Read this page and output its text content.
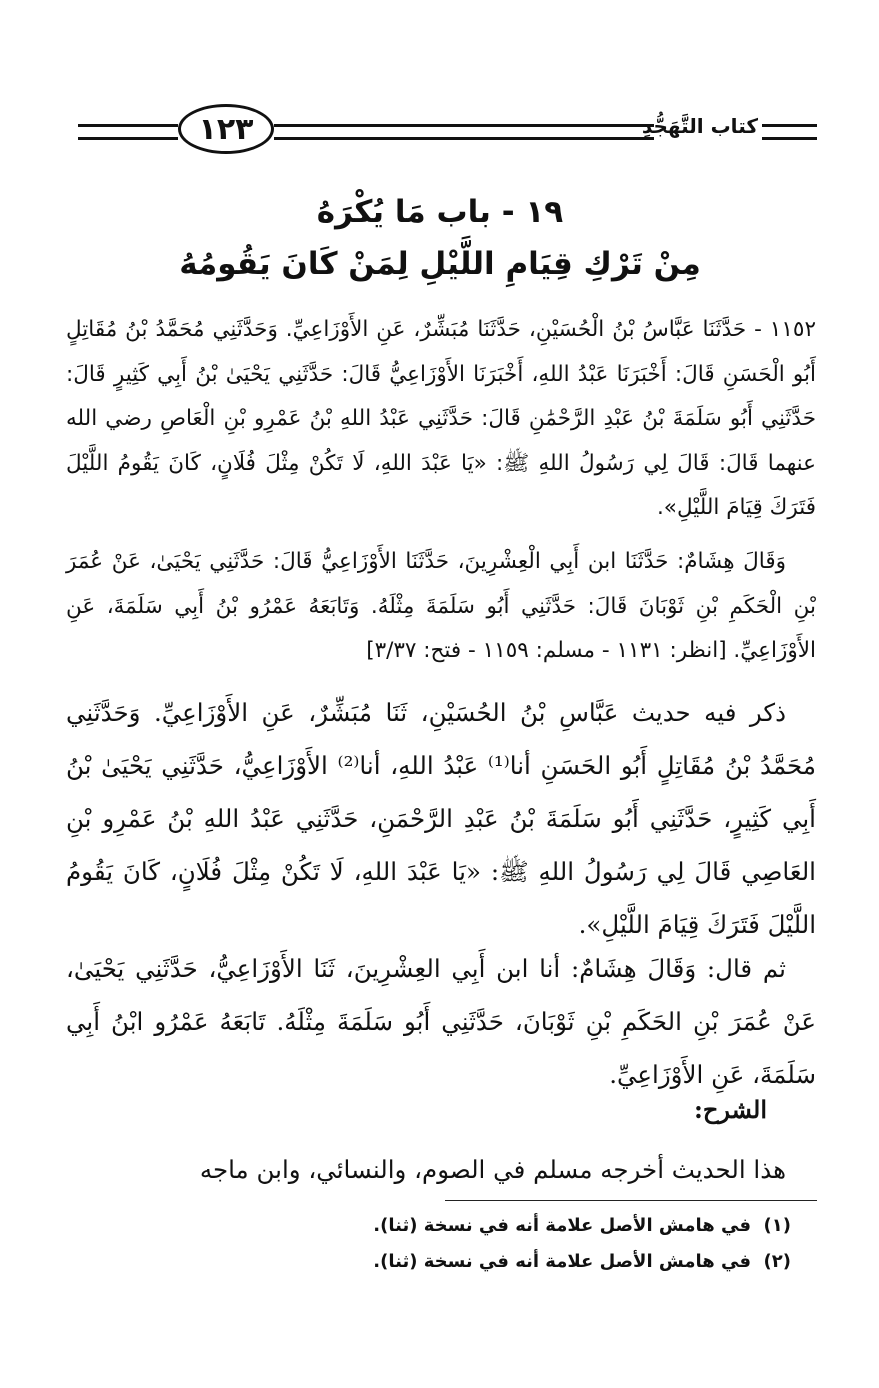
١٢٣	كتاب التَّهَجُّدِ
١٩ - باب مَا يُكْرَهُ
مِنْ تَرْكِ قِيَامِ اللَّيْلِ لِمَنْ كَانَ يَقُومُهُ
١١٥٢ - حَدَّثَنَا عَبَّاسُ بْنُ الْحُسَيْنِ، حَدَّثَنَا مُبَشِّرٌ، عَنِ الأَوْزَاعِيِّ. وَحَدَّثَنِي مُحَمَّدُ بْنُ مُقَاتِلٍ أَبُو الْحَسَنِ قَالَ: أَخْبَرَنَا عَبْدُ اللهِ، أَخْبَرَنَا الأَوْزَاعِيُّ قَالَ: حَدَّثَنِي يَحْيَىٰ بْنُ أَبِي كَثِيرٍ قَالَ: حَدَّثَنِي أَبُو سَلَمَةَ بْنُ عَبْدِ الرَّحْمَٰنِ قَالَ: حَدَّثَنِي عَبْدُ اللهِ بْنُ عَمْرِو بْنِ الْعَاصِ رضي الله عنهما قَالَ: قَالَ لِي رَسُولُ اللهِ ﷺ: «يَا عَبْدَ اللهِ، لَا تَكُنْ مِثْلَ فُلَانٍ، كَانَ يَقُومُ اللَّيْلَ فَتَرَكَ قِيَامَ اللَّيْلِ».
وَقَالَ هِشَامٌ: حَدَّثَنَا ابن أَبِي الْعِشْرِينَ، حَدَّثَنَا الأَوْزَاعِيُّ قَالَ: حَدَّثَنِي يَحْيَىٰ، عَنْ عُمَرَ بْنِ الْحَكَمِ بْنِ ثَوْبَانَ قَالَ: حَدَّثَنِي أَبُو سَلَمَةَ مِثْلَهُ. وَتَابَعَهُ عَمْرُو بْنُ أَبِي سَلَمَةَ، عَنِ الأَوْزَاعِيِّ. [انظر: ١١٣١ - مسلم: ١١٥٩ - فتح: ٣/٣٧]
ذكر فيه حديث عَبَّاسِ بْنُ الحُسَيْنِ، ثَنَا مُبَشِّرٌ، عَنِ الأَوْزَاعِيِّ. وَحَدَّثَنِي مُحَمَّدُ بْنُ مُقَاتِلٍ أَبُو الحَسَنِ أنا⁽¹⁾ عَبْدُ اللهِ، أنا⁽²⁾ الأَوْزَاعِيُّ، حَدَّثَنِي يَحْيَىٰ بْنُ أَبِي كَثِيرٍ، حَدَّثَنِي أَبُو سَلَمَةَ بْنُ عَبْدِ الرَّحْمَنِ، حَدَّثَنِي عَبْدُ اللهِ بْنُ عَمْرِو بْنِ العَاصِي قَالَ لِي رَسُولُ اللهِ ﷺ: «يَا عَبْدَ اللهِ، لَا تَكُنْ مِثْلَ فُلَانٍ، كَانَ يَقُومُ اللَّيْلَ فَتَرَكَ قِيَامَ اللَّيْلِ».
ثم قال: وَقَالَ هِشَامٌ: أنا ابن أَبِي العِشْرِينَ، ثَنَا الأَوْزَاعِيُّ، حَدَّثَنِي يَحْيَىٰ، عَنْ عُمَرَ بْنِ الحَكَمِ بْنِ ثَوْبَانَ، حَدَّثَنِي أَبُو سَلَمَةَ مِثْلَهُ. تَابَعَهُ عَمْرُو ابْنُ أَبِي سَلَمَةَ، عَنِ الأَوْزَاعِيِّ.
الشرح:
هذا الحديث أخرجه مسلم في الصوم، والنسائي، وابن ماجه
(١)في هامش الأصل علامة أنه في نسخة (ثنا).
(٢)في هامش الأصل علامة أنه في نسخة (ثنا).
